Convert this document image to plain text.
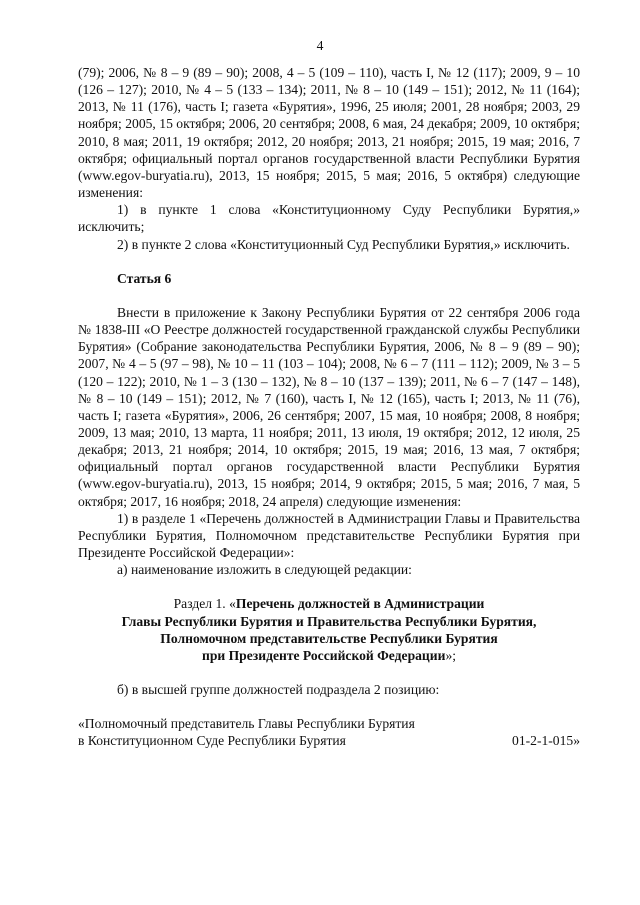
4

(79); 2006, № 8 – 9 (89 – 90); 2008, 4 – 5 (109 – 110), часть I, № 12 (117); 2009, 9 – 10 (126 – 127); 2010, № 4 – 5 (133 – 134); 2011, № 8 – 10 (149 – 151); 2012, № 11 (164); 2013, № 11 (176), часть I; газета «Бурятия», 1996, 25 июля; 2001, 28 ноября; 2003, 29 ноября; 2005, 15 октября; 2006, 20 сентября; 2008, 6 мая, 24 декабря; 2009, 10 октября; 2010, 8 мая; 2011, 19 октября; 2012, 20 ноября; 2013, 21 ноября; 2015, 19 мая; 2016, 7 октября; официальный портал органов государственной власти Республики Бурятия (www.egov-buryatia.ru), 2013, 15 ноября; 2015, 5 мая; 2016, 5 октября) следующие изменения:

1) в пункте 1 слова «Конституционному Суду Республики Бурятия,» исключить;

2) в пункте 2 слова «Конституционный Суд Республики Бурятия,» исключить.

Статья 6

Внести в приложение к Закону Республики Бурятия от 22 сентября 2006 года № 1838-III «О Реестре должностей государственной гражданской службы Республики Бурятия» (Собрание законодательства Республики Бурятия, 2006, № 8 – 9 (89 – 90); 2007, № 4 – 5 (97 – 98), № 10 – 11 (103 – 104); 2008, № 6 – 7 (111 – 112); 2009, № 3 – 5 (120 – 122); 2010, № 1 – 3 (130 – 132), № 8 – 10 (137 – 139); 2011, № 6 – 7 (147 – 148), № 8 – 10 (149 – 151); 2012, № 7 (160), часть I, № 12 (165), часть I; 2013, № 11 (76), часть I; газета «Бурятия», 2006, 26 сентября; 2007, 15 мая, 10 ноября; 2008, 8 ноября; 2009, 13 мая; 2010, 13 марта, 11 ноября; 2011, 13 июля, 19 октября; 2012, 12 июля, 25 декабря; 2013, 21 ноября; 2014, 10 октября; 2015, 19 мая; 2016, 13 мая, 7 октября; официальный портал органов государственной власти Республики Бурятия (www.egov-buryatia.ru), 2013, 15 ноября; 2014, 9 октября; 2015, 5 мая; 2016, 7 мая, 5 октября; 2017, 16 ноября; 2018, 24 апреля) следующие изменения:

1) в разделе 1 «Перечень должностей в Администрации Главы и Правительства Республики Бурятия, Полномочном представительстве Республики Бурятия при Президенте Российской Федерации»:

а) наименование изложить в следующей редакции:

Раздел 1. «Перечень должностей в Администрации

Главы Республики Бурятия и Правительства Республики Бурятия,

Полномочном представительстве Республики Бурятия

при Президенте Российской Федерации»;

б) в высшей группе должностей подраздела 2 позицию:

«Полномочный представитель Главы Республики Бурятия
в Конституционном Суде Республики Бурятия	01-2-1-015»
